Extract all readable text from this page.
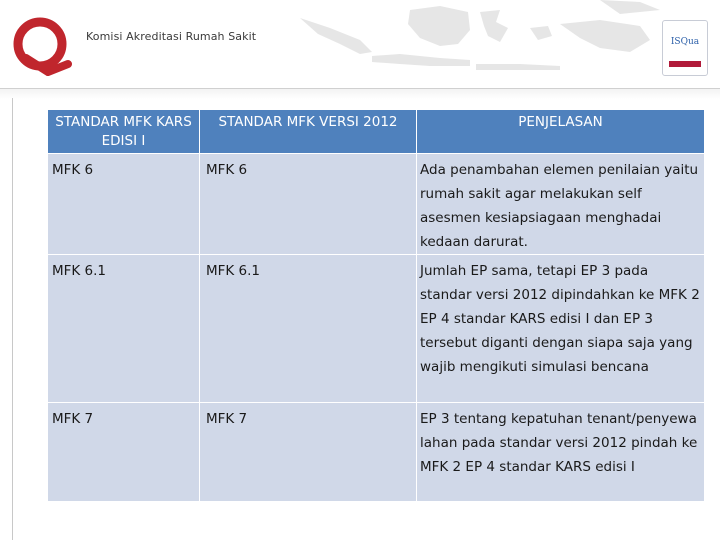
Komisi Akreditasi Rumah Sakit	ISQua
STANDAR MFK KARS EDISI I	STANDAR MFK VERSI 2012	PENJELASAN
MFK 6	MFK 6	Ada penambahan elemen penilaian yaitu rumah sakit agar melakukan self asesmen kesiapsiagaan menghadai kedaan darurat.
MFK 6.1	MFK 6.1	Jumlah EP sama, tetapi EP 3 pada standar versi 2012 dipindahkan ke MFK 2 EP 4 standar KARS edisi I dan EP 3 tersebut diganti dengan siapa saja yang wajib mengikuti simulasi bencana
MFK 7	MFK 7	EP 3 tentang kepatuhan tenant/penyewa lahan pada standar versi 2012 pindah ke MFK 2 EP 4 standar KARS edisi I
